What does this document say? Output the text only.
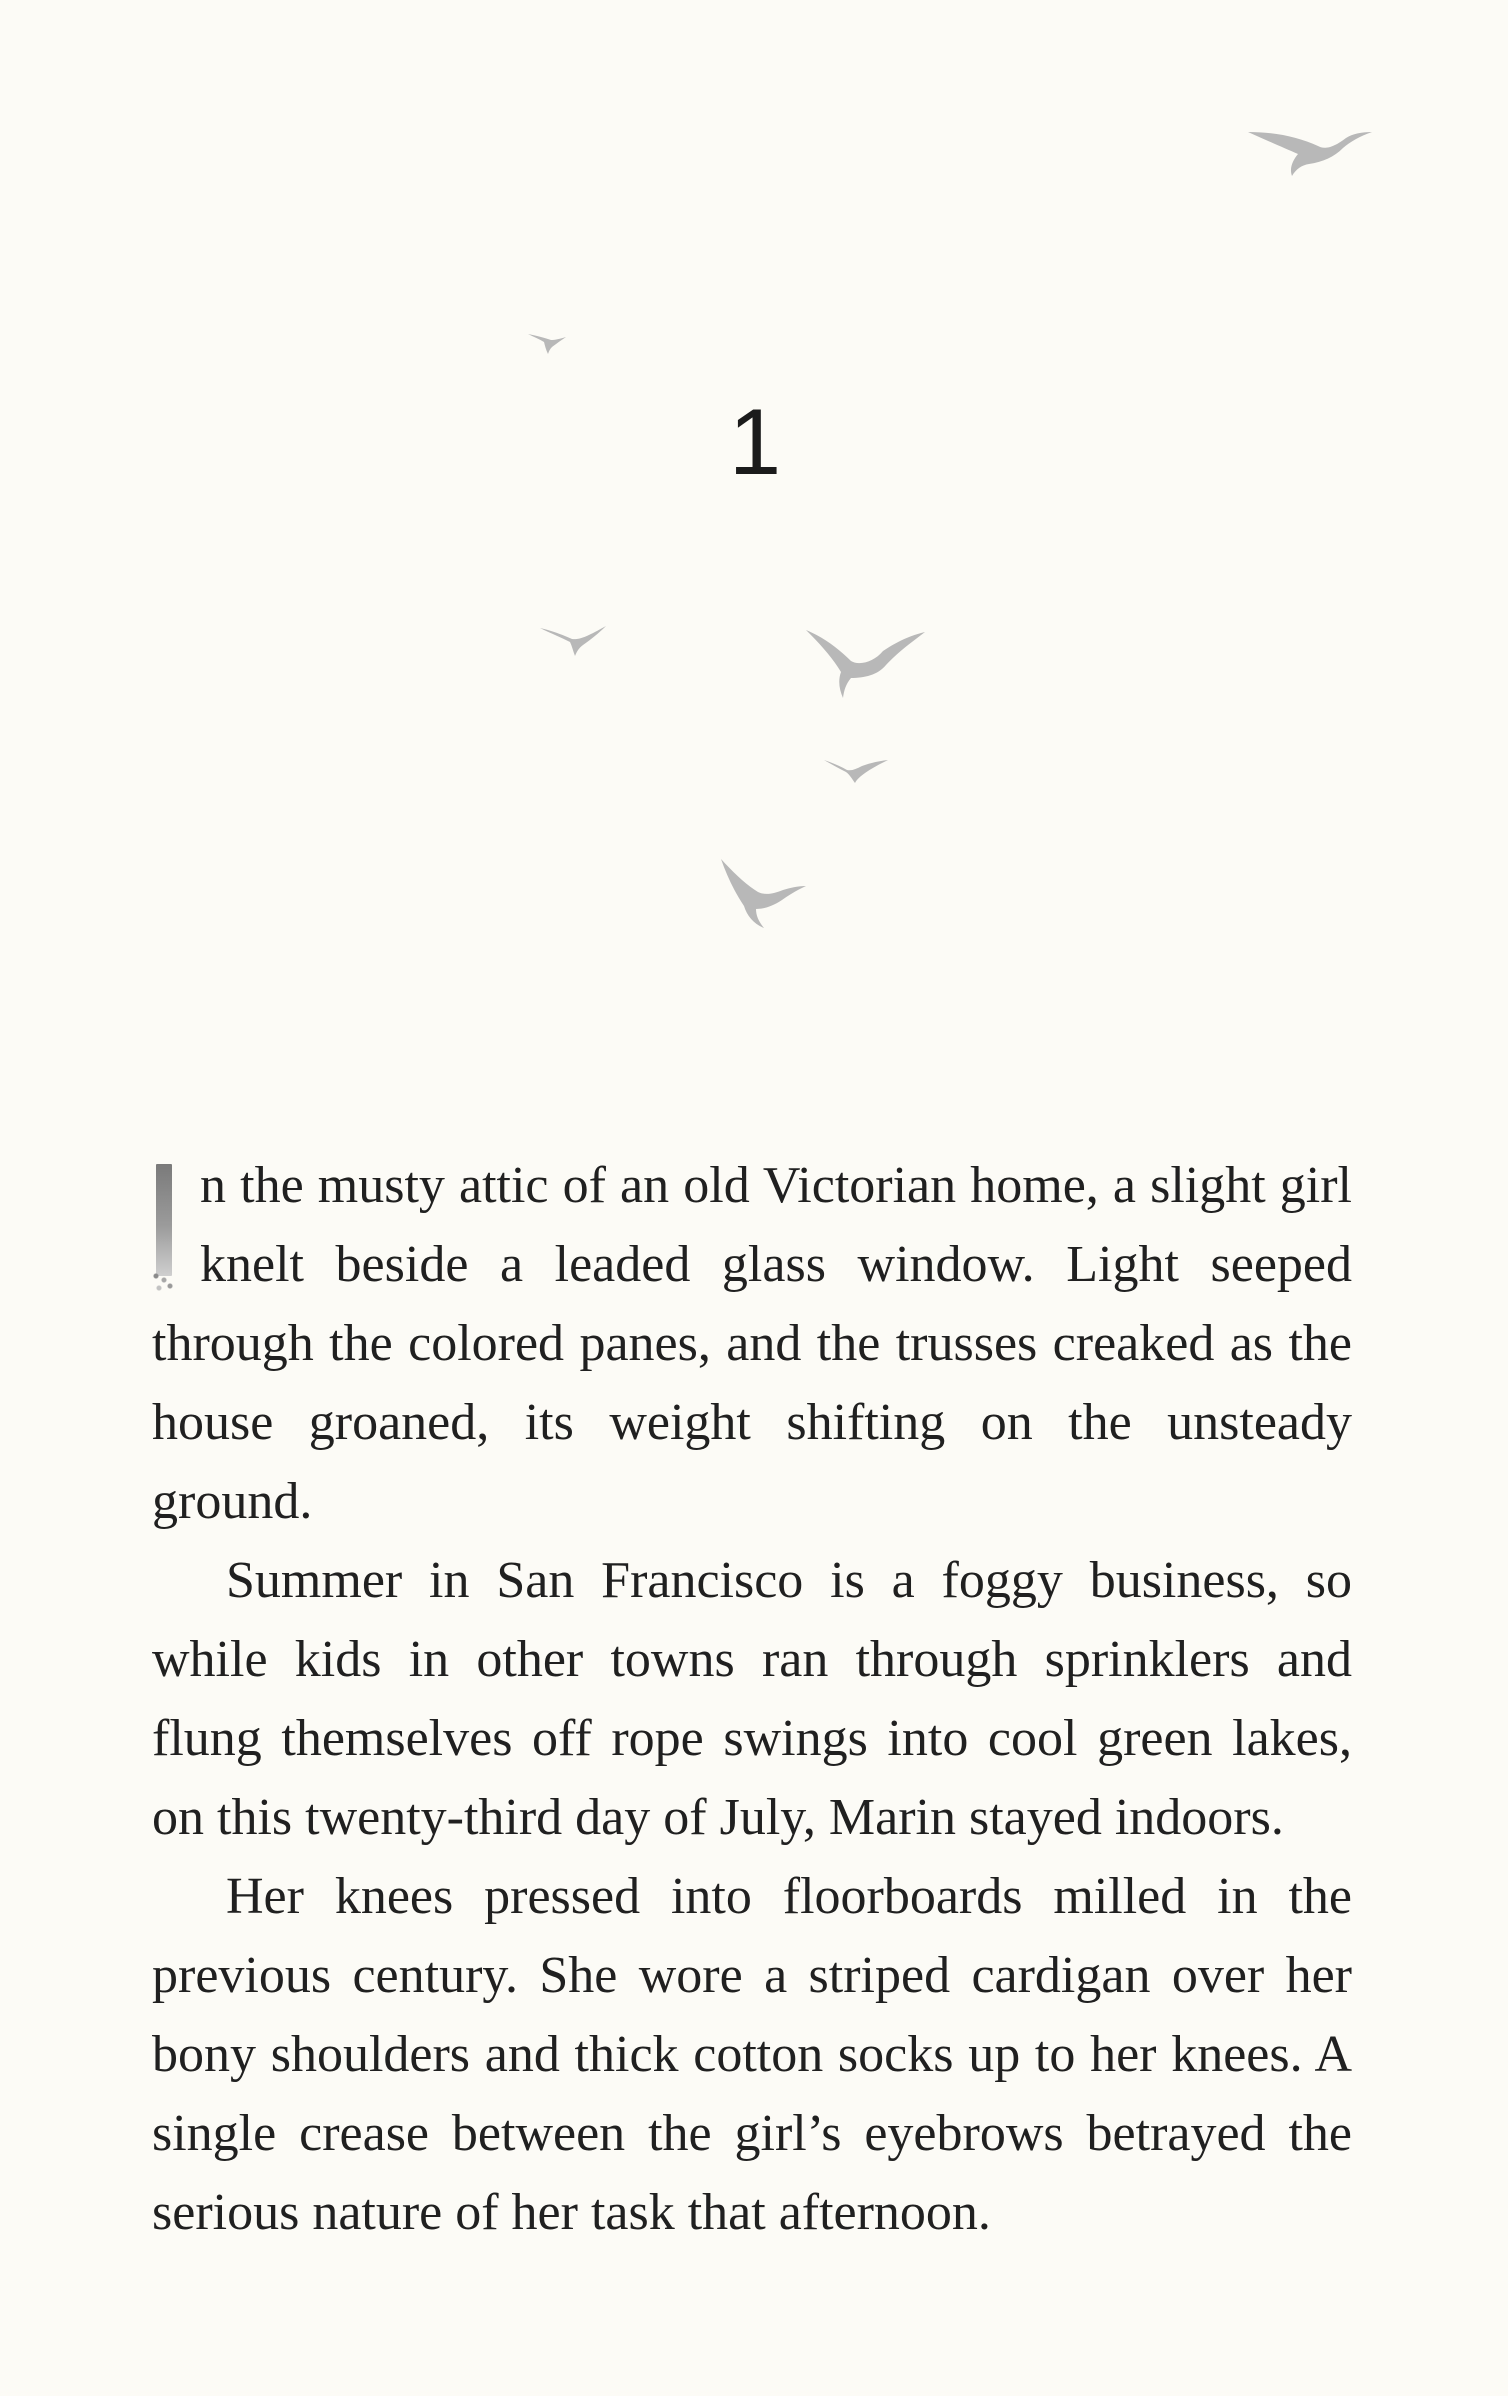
1

n the musty attic of an old Victorian home, a slight girl knelt beside a leaded glass window. Light seeped through the colored panes, and the trusses creaked as the house groaned, its weight shifting on the unsteady ground.

Summer in San Francisco is a foggy business, so while kids in other towns ran through sprinklers and flung themselves off rope swings into cool green lakes, on this twenty-third day of July, Marin stayed indoors.

Her knees pressed into floorboards milled in the previous century. She wore a striped cardigan over her bony shoulders and thick cotton socks up to her knees. A single crease between the girl’s eyebrows betrayed the serious nature of her task that afternoon.
